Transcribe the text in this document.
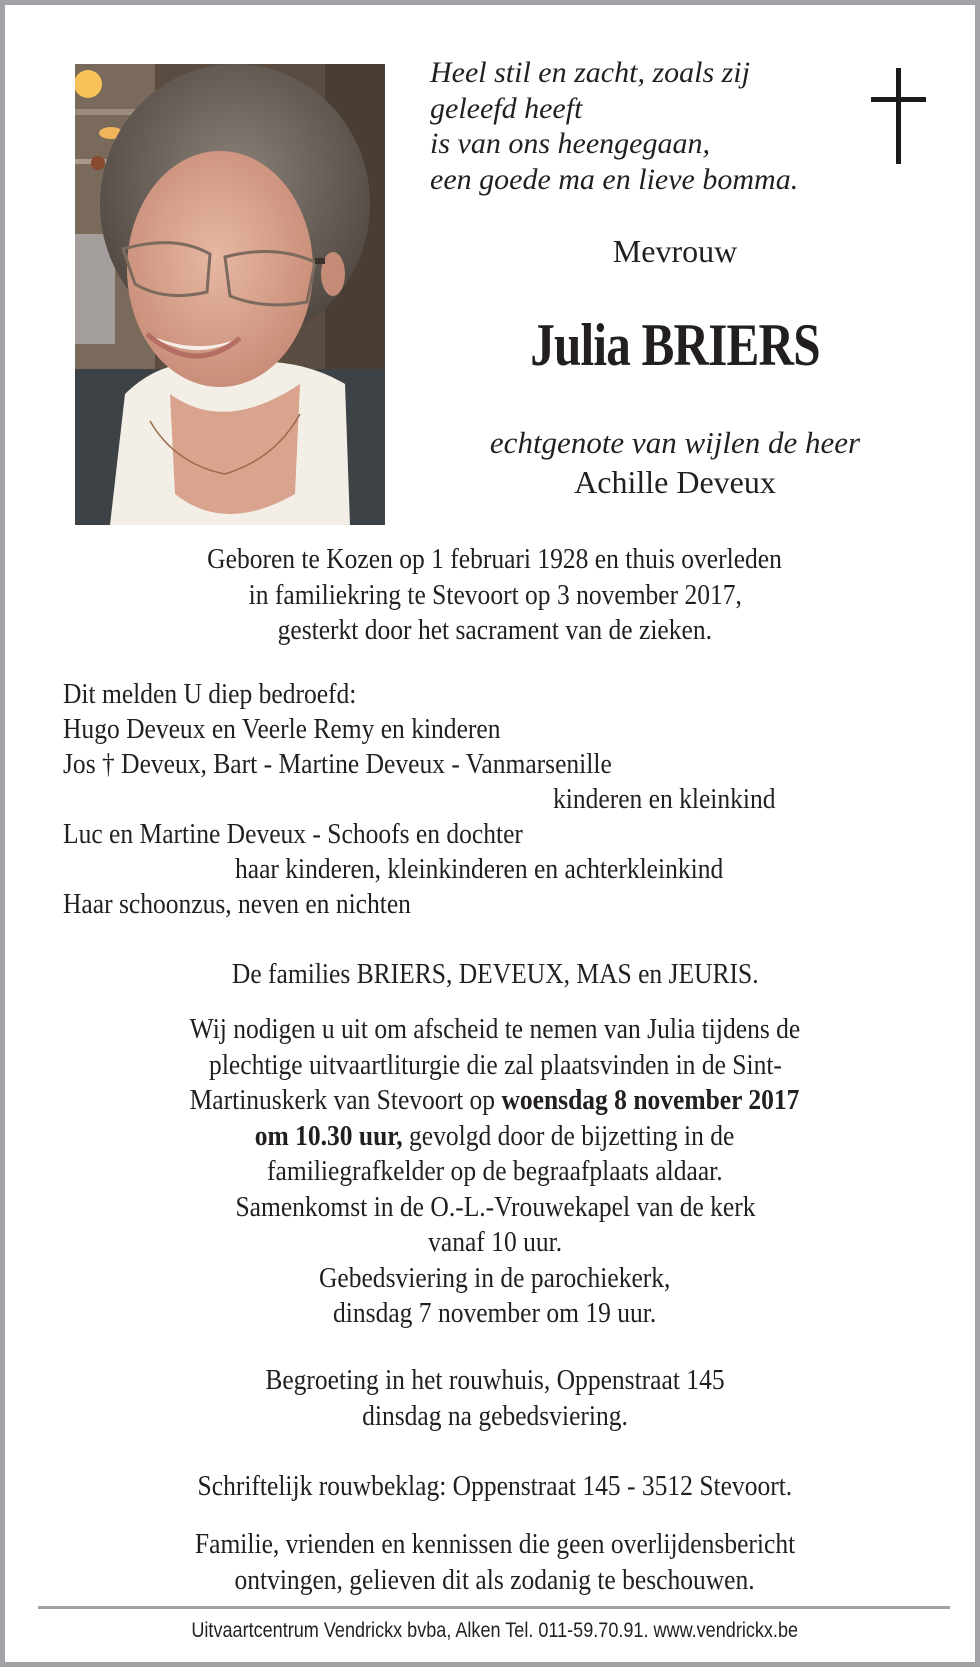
Heel stil en zacht, zoals zij
geleefd heeft
is van ons heengegaan,
een goede ma en lieve bomma.
Mevrouw
Julia BRIERS
echtgenote van wijlen de heer
Achille Deveux
Geboren te Kozen op 1 februari 1928 en thuis overleden
in familiekring te Stevoort op 3 november 2017,
gesterkt door het sacrament van de zieken.
Dit melden U diep bedroefd:
Hugo Deveux en Veerle Remy en kinderen
Jos † Deveux, Bart - Martine Deveux - Vanmarsenille
kinderen en kleinkind
Luc en Martine Deveux - Schoofs en dochter
haar kinderen, kleinkinderen en achterkleinkind
Haar schoonzus, neven en nichten
De families BRIERS, DEVEUX, MAS en JEURIS.
Wij nodigen u uit om afscheid te nemen van Julia tijdens de
plechtige uitvaartliturgie die zal plaatsvinden in de Sint-
Martinuskerk van Stevoort op woensdag 8 november 2017
om 10.30 uur, gevolgd door de bijzetting in de
familiegrafkelder op de begraafplaats aldaar.
Samenkomst in de O.-L.-Vrouwekapel van de kerk
vanaf 10 uur.
Gebedsviering in de parochiekerk,
dinsdag 7 november om 19 uur.
Begroeting in het rouwhuis, Oppenstraat 145
dinsdag na gebedsviering.
Schriftelijk rouwbeklag: Oppenstraat 145 - 3512 Stevoort.
Familie, vrienden en kennissen die geen overlijdensbericht
ontvingen, gelieven dit als zodanig te beschouwen.
Uitvaartcentrum Vendrickx bvba, Alken Tel. 011-59.70.91. www.vendrickx.be
